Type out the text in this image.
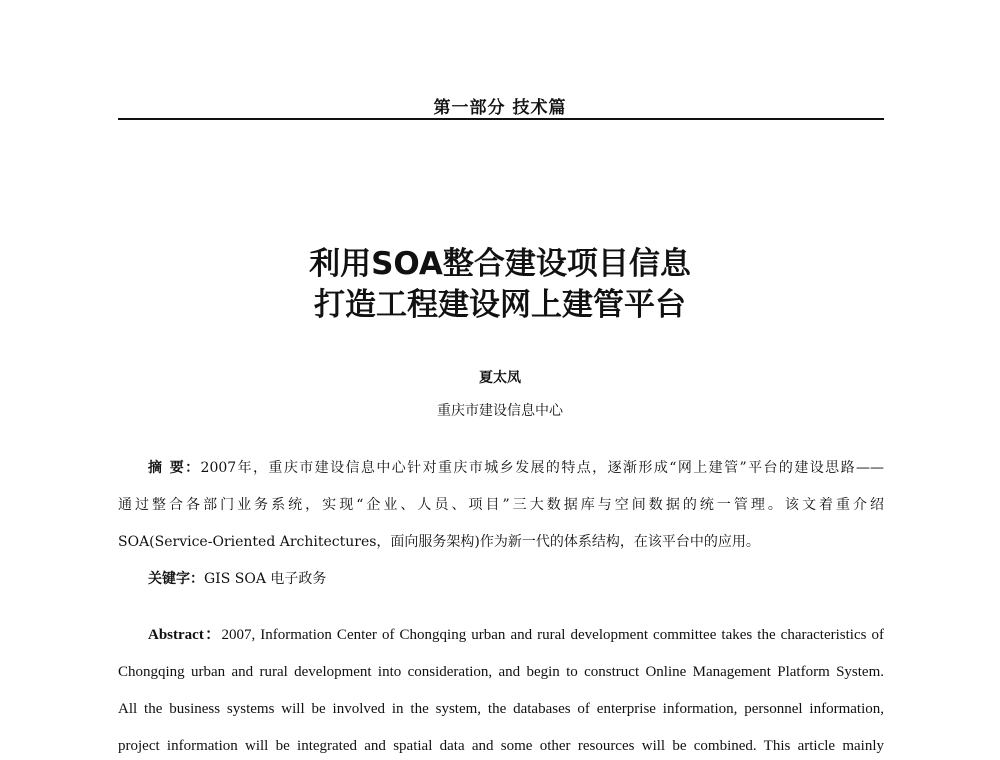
第一部分 技术篇
利用SOA整合建设项目信息
打造工程建设网上建管平台
夏太凤
重庆市建设信息中心
摘 要：2007年，重庆市建设信息中心针对重庆市城乡发展的特点，逐渐形成“网上建管”平台的建设思路——
通过整合各部门业务系统，实现“企业、人员、项目”三大数据库与空间数据的统一管理。该文着重介绍
SOA(Service-Oriented Architectures，面向服务架构)作为新一代的体系结构，在该平台中的应用。
关键字：GIS SOA 电子政务
Abstract：2007, Information Center of Chongqing urban and rural development committee takes the characteristics of
Chongqing urban and rural development into consideration, and begin to construct Online Management Platform System.
All the business systems will be involved in the system, the databases of enterprise information, personnel information,
project information will be integrated and spatial data and some other resources will be combined. This article mainly
